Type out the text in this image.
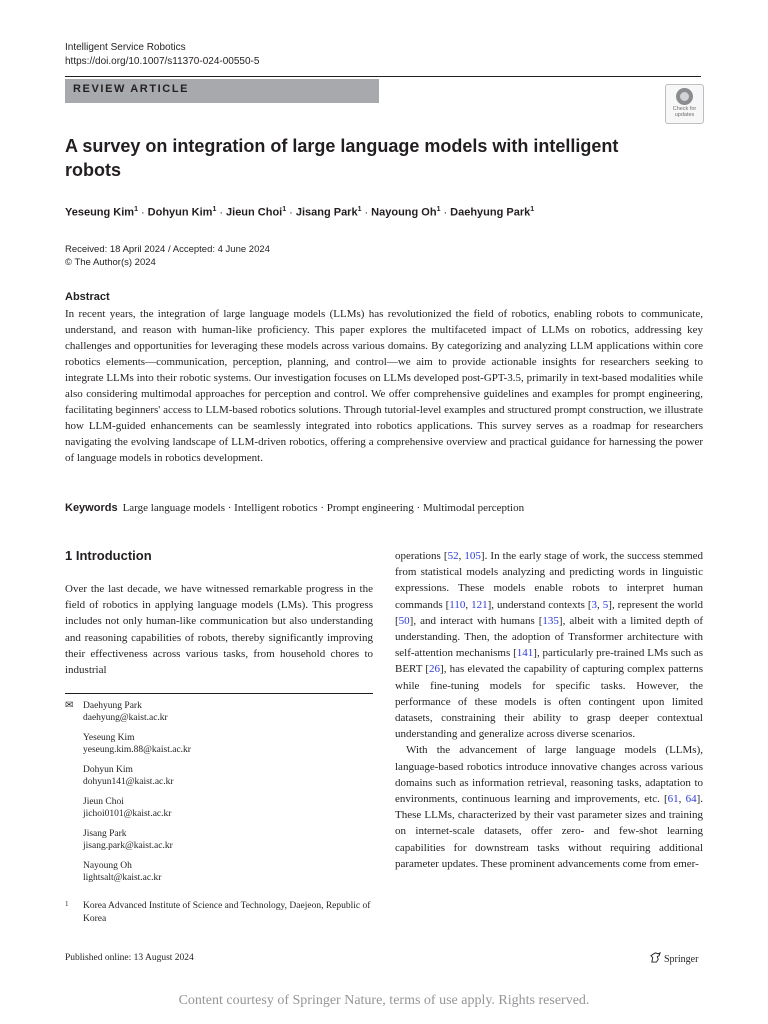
Intelligent Service Robotics
https://doi.org/10.1007/s11370-024-00550-5
REVIEW ARTICLE
Check for
updates
A survey on integration of large language models with intelligent robots
Yeseung Kim$^1$ · Dohyun Kim$^1$ · Jieun Choi$^1$ · Jisang Park$^1$ · Nayoung $Oh^1$ · Daehyung Park$^1$
Received: 18 April 2024 / Accepted: 4 June 2024
© The Author(s) 2024
Abstract
In recent years, the integration of large language models (LLMs) has revolutionized the field of robotics, enabling robots to communicate, understand, and reason with human-like proficiency. This paper explores the multifaceted impact of LLMs on robotics, addressing key challenges and opportunities for leveraging these models across various domains. By categorizing and analyzing LLM applications within core robotics elements—communication, perception, planning, and control—we aim to provide actionable insights for researchers seeking to integrate LLMs into their robotic systems. Our investigation focuses on LLMs developed post-GPT-3.5, primarily in text-based modalities while also considering multimodal approaches for perception and control. We offer comprehensive guidelines and examples for prompt engineering, facilitating beginners' access to LLM-based robotics solutions. Through tutorial-level examples and structured prompt construction, we illustrate how LLM-guided enhancements can be seamlessly integrated into robotics applications. This survey serves as a roadmap for researchers navigating the evolving landscape of LLM-driven robotics, offering a comprehensive overview and practical guidance for harnessing the power of language models in robotics development.
Keywords Large language models · Intelligent robotics · Prompt engineering · Multimodal perception
1 Introduction
Over the last decade, we have witnessed remarkable progress in the field of robotics in applying language models (LMs). This progress includes not only human-like communication but also understanding and reasoning capabilities of robots, thereby significantly improving their effectiveness across various tasks, from household chores to industrial
✉ Daehyung Park
daehyung@kaist.ac.kr
Yeseung Kim
yeseung.kim.88@kaist.ac.kr
Dohyun Kim
dohyun141@kaist.ac.kr
Jieun Choi
jichoi0101@kaist.ac.kr
Jisang Park
jisang.park@kaist.ac.kr
Nayoung Oh
lightsalt@kaist.ac.kr
1 Korea Advanced Institute of Science and Technology, Daejeon, Republic of Korea

operations [52, 105]. In the early stage of work, the success stemmed from statistical models analyzing and predicting words in linguistic expressions. These models enable robots to interpret human commands [110, 121], understand contexts [3, 5], represent the world [50], and interact with humans [135], albeit with a limited depth of understanding. Then, the adoption of Transformer architecture with self-attention mechanisms [141], particularly pre-trained LMs such as BERT [26], has elevated the capability of capturing complex patterns while fine-tuning models for specific tasks. However, the performance of these models is often contingent upon limited datasets, constraining their ability to grasp deeper contextual understanding and generalize across diverse scenarios.

With the advancement of large language models (LLMs), language-based robotics introduce innovative changes across various domains such as information retrieval, reasoning tasks, adaptation to environments, continuous learning and improvements, etc. [61, 64]. These LLMs, characterized by their vast parameter sizes and training on internet-scale datasets, offer zero- and few-shot learning capabilities for downstream tasks without requiring additional parameter updates. These prominent advancements come from emer-

Published online: 13 August 2024	Springer
Content courtesy of Springer Nature, terms of use apply. Rights reserved.
